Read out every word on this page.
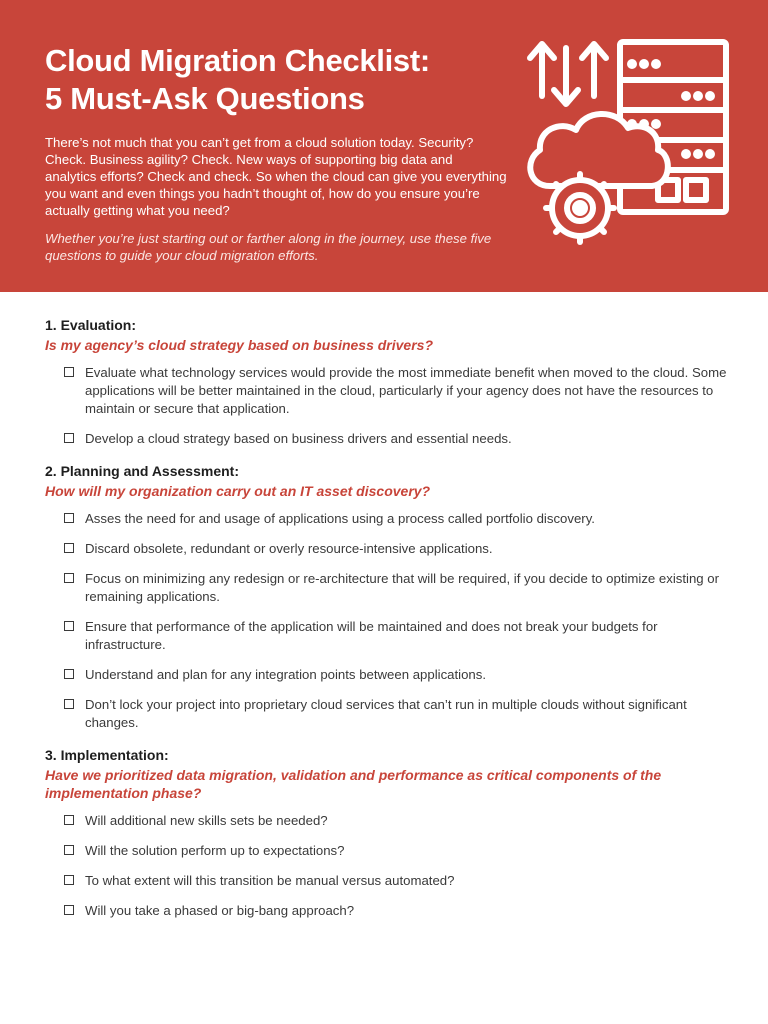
Cloud Migration Checklist:
5 Must-Ask Questions

There’s not much that you can’t get from a cloud solution today. Security? Check. Business agility? Check. New ways of supporting big data and analytics efforts? Check and check. So when the cloud can give you everything you want and even things you hadn’t thought of, how do you ensure you’re actually getting what you need?

Whether you’re just starting out or farther along in the journey, use these five questions to guide your cloud migration efforts.

1. Evaluation:

Is my agency’s cloud strategy based on business drivers?

Evaluate what technology services would provide the most immediate benefit when moved to the cloud. Some applications will be better maintained in the cloud, particularly if your agency does not have the resources to maintain or secure that application.
Develop a cloud strategy based on business drivers and essential needs.

2. Planning and Assessment:

How will my organization carry out an IT asset discovery?

Asses the need for and usage of applications using a process called portfolio discovery.
Discard obsolete, redundant or overly resource-intensive applications.
Focus on minimizing any redesign or re-architecture that will be required, if you decide to optimize existing or remaining applications.
Ensure that performance of the application will be maintained and does not break your budgets for infrastructure.
Understand and plan for any integration points between applications.
Don’t lock your project into proprietary cloud services that can’t run in multiple clouds without significant changes.

3. Implementation:

Have we prioritized data migration, validation and performance as critical components of the implementation phase?

Will additional new skills sets be needed?
Will the solution perform up to expectations?
To what extent will this transition be manual versus automated?
Will you take a phased or big-bang approach?
